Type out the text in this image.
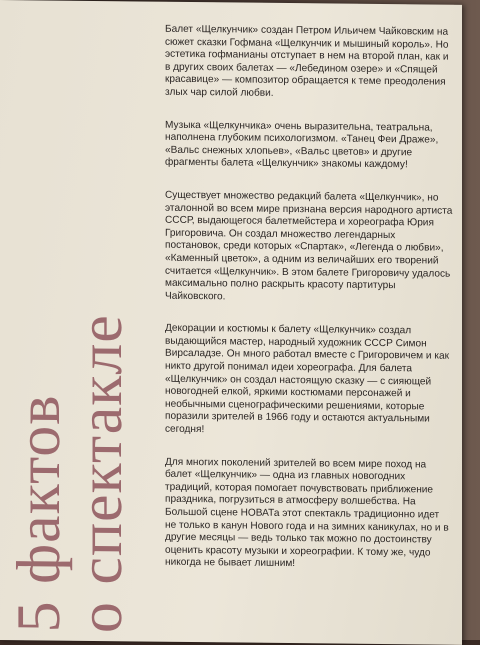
5 фактов
о спектакле

Балет «Щелкунчик» создан Петром Ильичем Чайковским на сюжет сказки Гофмана «Щелкунчик и мышиный король». Но эстетика гофманианы отступает в нем на второй план, как и в других своих балетах — «Лебедином озере» и «Спящей красавице» — композитор обращается к теме преодоления злых чар силой любви.

Музыка «Щелкунчика» очень выразительна, театральна, наполнена глубоким психологизмом. «Танец Феи Драже», «Вальс снежных хлопьев», «Вальс цветов» и другие фрагменты балета «Щелкунчик» знакомы каждому!

Существует множество редакций балета «Щелкунчик», но эталонной во всем мире признана версия народного артиста СССР, выдающегося балетмейстера и хореографа Юрия Григоровича. Он создал множество легендарных постановок, среди которых «Спартак», «Легенда о любви», «Каменный цветок», а одним из величайших его творений считается «Щелкунчик». В этом балете Григоровичу удалось максимально полно раскрыть красоту партитуры Чайковского.

Декорации и костюмы к балету «Щелкунчик» создал выдающийся мастер, народный художник СССР Симон Вирсаладзе. Он много работал вместе с Григоровичем и как никто другой понимал идеи хореографа. Для балета «Щелкунчик» он создал настоящую сказку — с сияющей новогодней елкой, яркими костюмами персонажей и необычными сценографическими решениями, которые поразили зрителей в 1966 году и остаются актуальными сегодня!

Для многих поколений зрителей во всем мире поход на балет «Щелкунчик» — одна из главных новогодних традиций, которая помогает почувствовать приближение праздника, погрузиться в атмосферу волшебства. На Большой сцене НОВАТа этот спектакль традиционно идет не только в канун Нового года и на зимних каникулах, но и в другие месяцы — ведь только так можно по достоинству оценить красоту музыки и хореографии. К тому же, чудо никогда не бывает лишним!
